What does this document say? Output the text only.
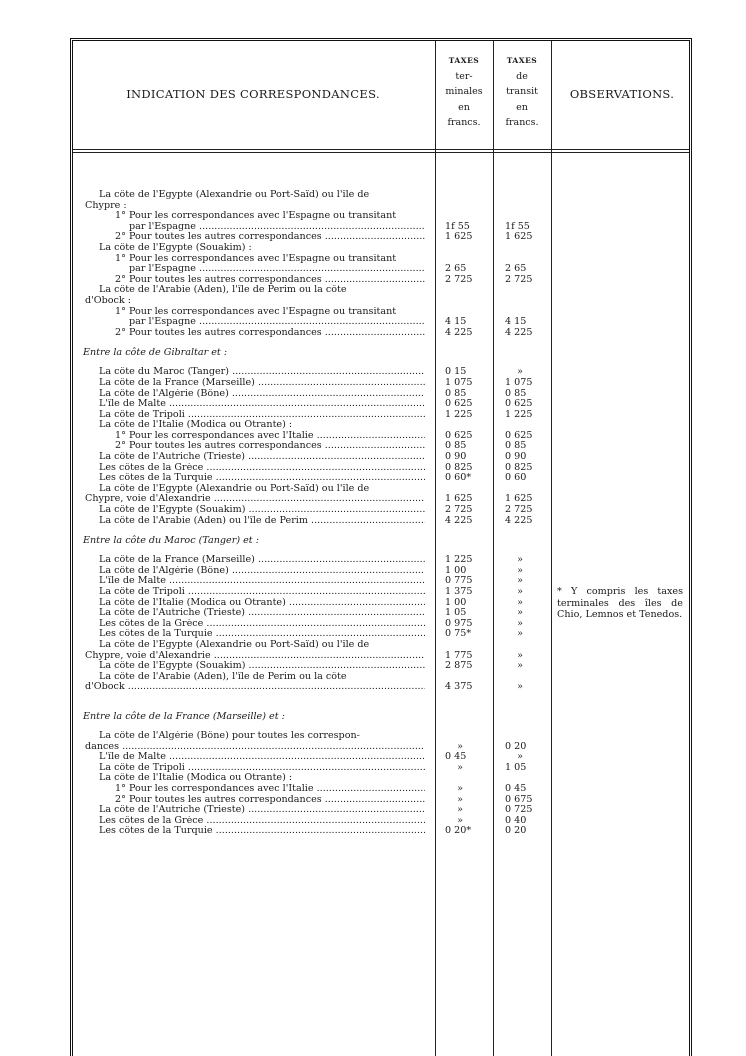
INDICATION DES CORRESPONDANCES.
TAXES
ter-
minales
en
francs.
TAXES
de
transit
en
francs.
OBSERVATIONS.
La côte de l'Égypte (Alexandrie ou Port-Saïd) ou l'île de
Chypre :
1° Pour les correspondances avec l'Espagne ou transitant
par l'Espagne .....	1f 55	1f 55
2° Pour toutes les autres correspondances .....	1 625	1 625
La côte de l'Égypte (Souakim) :
1° Pour les correspondances avec l'Espagne ou transitant
par l'Espagne .....	2 65	2 65
2° Pour toutes les autres correspondances .....	2 725	2 725
La côte de l'Arabie (Aden), l'île de Perim ou la côte
d'Obock :
1° Pour les correspondances avec l'Espagne ou transitant
par l'Espagne .....	4 15	4 15
2° Pour toutes les autres correspondances .....	4 225	4 225
Entre la côte de Gibraltar et :
La côte du Maroc (Tanger) .....	0 15	»
La côte de la France (Marseille) .....	1 075	1 075
La côte de l'Algérie (Bône) .....	0 85	0 85
L'île de Malte .....	0 625	0 625
La côte de Tripoli .....	1 225	1 225
La côte de l'Italie (Modica ou Otrante) :
1° Pour les correspondances avec l'Italie .....	0 625	0 625
2° Pour toutes les autres correspondances .....	0 85	0 85
La côte de l'Autriche (Trieste) .....	0 90	0 90
Les côtes de la Grèce .....	0 825	0 825
Les côtes de la Turquie .....	0 60*	0 60
La côte de l'Égypte (Alexandrie ou Port-Saïd) ou l'île de
Chypre, voie d'Alexandrie .....	1 625	1 625
La côte de l'Égypte (Souakim) .....	2 725	2 725
La côte de l'Arabie (Aden) ou l'île de Perim .....	4 225	4 225
Entre la côte du Maroc (Tanger) et :
La côte de la France (Marseille) .....	1 225	»
La côte de l'Algérie (Bône) .....	1 00	»
L'île de Malte .....	0 775	»
La côte de Tripoli .....	1 375	»
La côte de l'Italie (Modica ou Otrante) .....	1 00	»
La côte de l'Autriche (Trieste) .....	1 05	»
Les côtes de la Grèce .....	0 975	»
Les côtes de la Turquie .....	0 75*	»
La côte de l'Égypte (Alexandrie ou Port-Saïd) ou l'île de
Chypre, voie d'Alexandrie .....	1 775	»
La côte de l'Égypte (Souakim) .....	2 875	»
La côte de l'Arabie (Aden), l'île de Perim ou la côte
d'Obock .....	4 375	»
Entre la côte de la France (Marseille) et :
La côte de l'Algérie (Bône) pour toutes les correspon-
dances .....	»	0 20
L'île de Malte .....	0 45	»
La côte de Tripoli .....	»	1 05
La côte de l'Italie (Modica ou Otrante) :
1° Pour les correspondances avec l'Italie .....	»	0 45
2° Pour toutes les autres correspondances .....	»	0 675
La côte de l'Autriche (Trieste) .....	»	0 725
Les côtes de la Grèce .....	»	0 40
Les côtes de la Turquie .....	0 20*	0 20
* Y compris les taxes terminales des îles de Chio, Lemnos et Tenedos.
